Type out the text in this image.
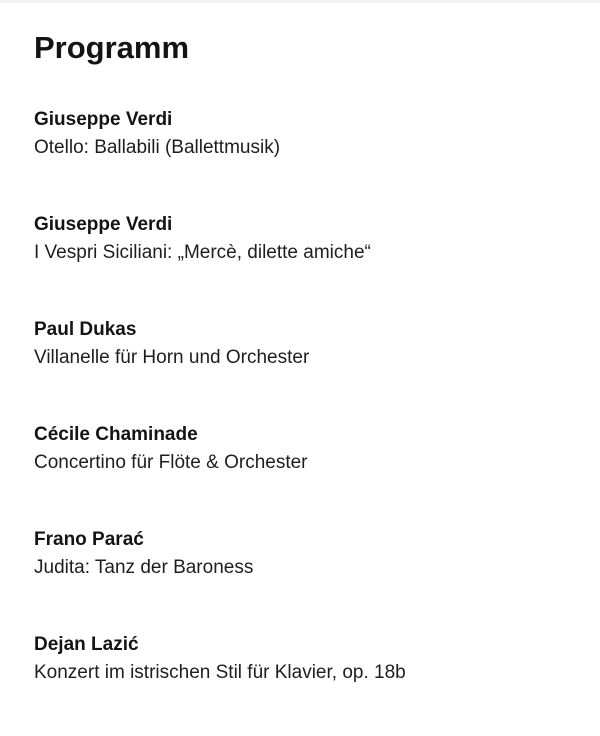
Programm
Giuseppe Verdi
Otello: Ballabili (Ballettmusik)
Giuseppe Verdi
I Vespri Siciliani: „Mercè, dilette amiche“
Paul Dukas
Villanelle für Horn und Orchester
Cécile Chaminade
Concertino für Flöte & Orchester
Frano Parać
Judita: Tanz der Baroness
Dejan Lazić
Konzert im istrischen Stil für Klavier, op. 18b
